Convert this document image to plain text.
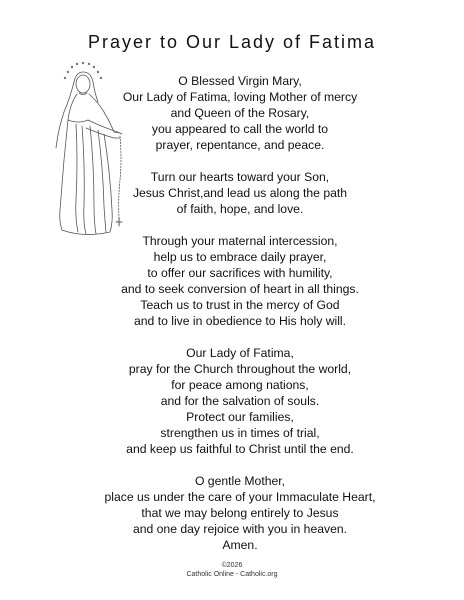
Prayer to Our Lady of Fatima
O Blessed Virgin Mary,
Our Lady of Fatima, loving Mother of mercy
and Queen of the Rosary,
you appeared to call the world to
prayer, repentance, and peace.
Turn our hearts toward your Son,
Jesus Christ,and lead us along the path
of faith, hope, and love.
Through your maternal intercession,
help us to embrace daily prayer,
to offer our sacrifices with humility,
and to seek conversion of heart in all things.
Teach us to trust in the mercy of God
and to live in obedience to His holy will.
Our Lady of Fatima,
pray for the Church throughout the world,
for peace among nations,
and for the salvation of souls.
Protect our families,
strengthen us in times of trial,
and keep us faithful to Christ until the end.
O gentle Mother,
place us under the care of your Immaculate Heart,
that we may belong entirely to Jesus
and one day rejoice with you in heaven.
Amen.
©2026
Catholic Online - Catholic.org
